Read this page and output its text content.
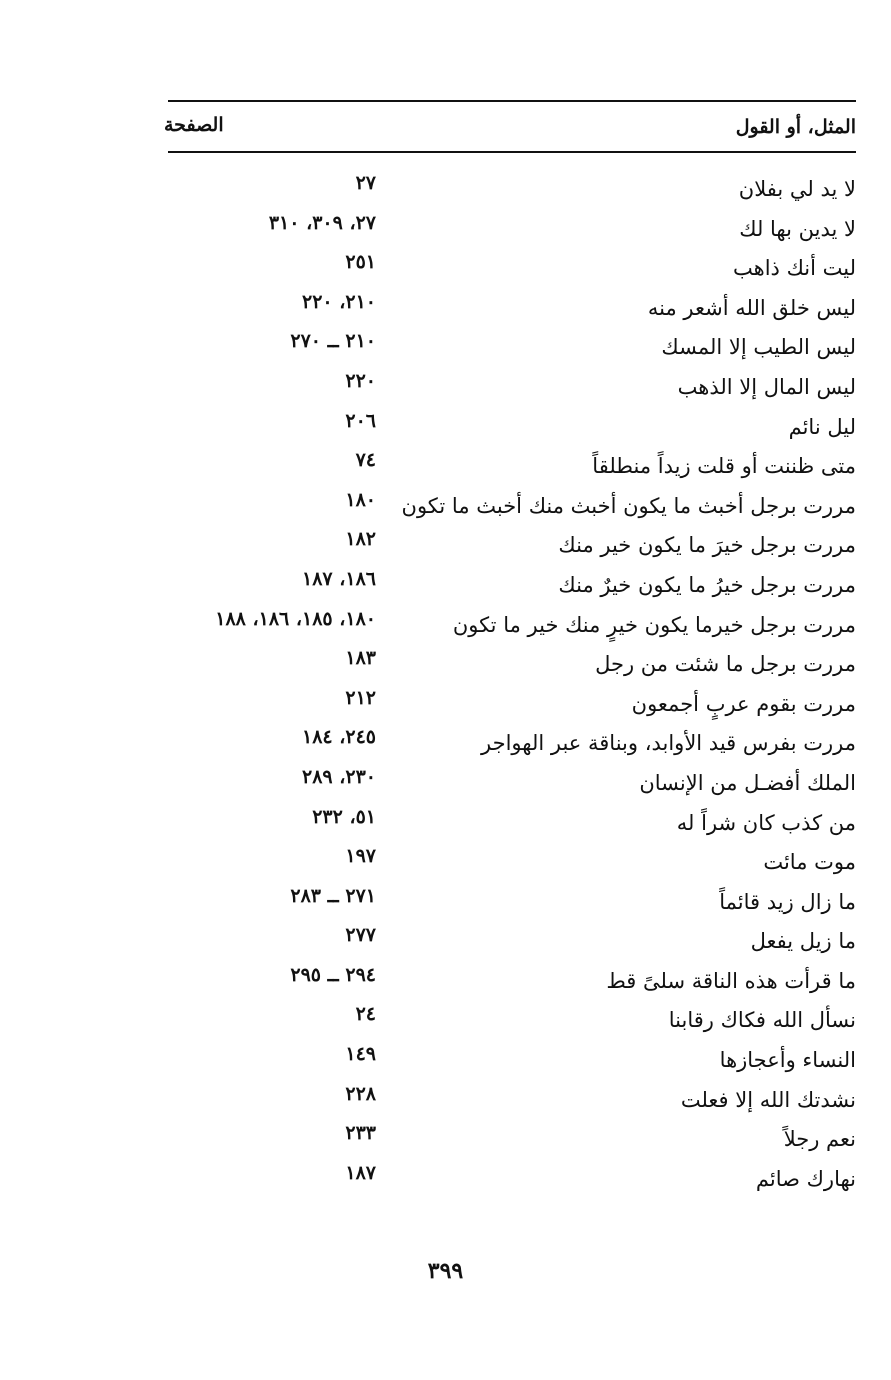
المثل، أو القول
الصفحة
لا يد لي بفلان
٢٧
لا يدين بها لك
٢٧، ٣٠٩، ٣١٠
ليت أنك ذاهب
٢٥١
ليس خلق الله أشعر منه
٢١٠، ٢٢٠
ليس الطيب إلا المسك
٢١٠ ــ ٢٧٠
ليس المال إلا الذهب
٢٢٠
ليل نائم
٢٠٦
متى ظننت أو قلت زيداً منطلقاً
٧٤
مررت برجل أخبث ما يكون أخبث منك أخبث ما تكون
١٨٠
مررت برجل خيرَ ما يكون خير منك
١٨٢
مررت برجل خيرُ ما يكون خيرٌ منك
١٨٦، ١٨٧
مررت برجل خيرما يكون خيرٍ منك خير ما تكون
١٨٠، ١٨٥، ١٨٦، ١٨٨
مررت برجل ما شئت من رجل
١٨٣
مررت بقوم عربٍ أجمعون
٢١٢
مررت بفرس قيد الأوابد، وبناقة عبر الهواجر
٢٤٥، ١٨٤
الملك أفضـل من الإنسان
٢٣٠، ٢٨٩
من كذب كان شراً له
٥١، ٢٣٢
موت مائت
١٩٧
ما زال زيد قائماً
٢٧١ ــ ٢٨٣
ما زيل يفعل
٢٧٧
ما قرأت هذه الناقة سلىً قط
٢٩٤ ــ ٢٩٥
نسأل الله فكاك رقابنا
٢٤
النساء وأعجازها
١٤٩
نشدتك الله إلا فعلت
٢٢٨
نعم رجلاً
٢٣٣
نهارك صائم
١٨٧
٣٩٩
